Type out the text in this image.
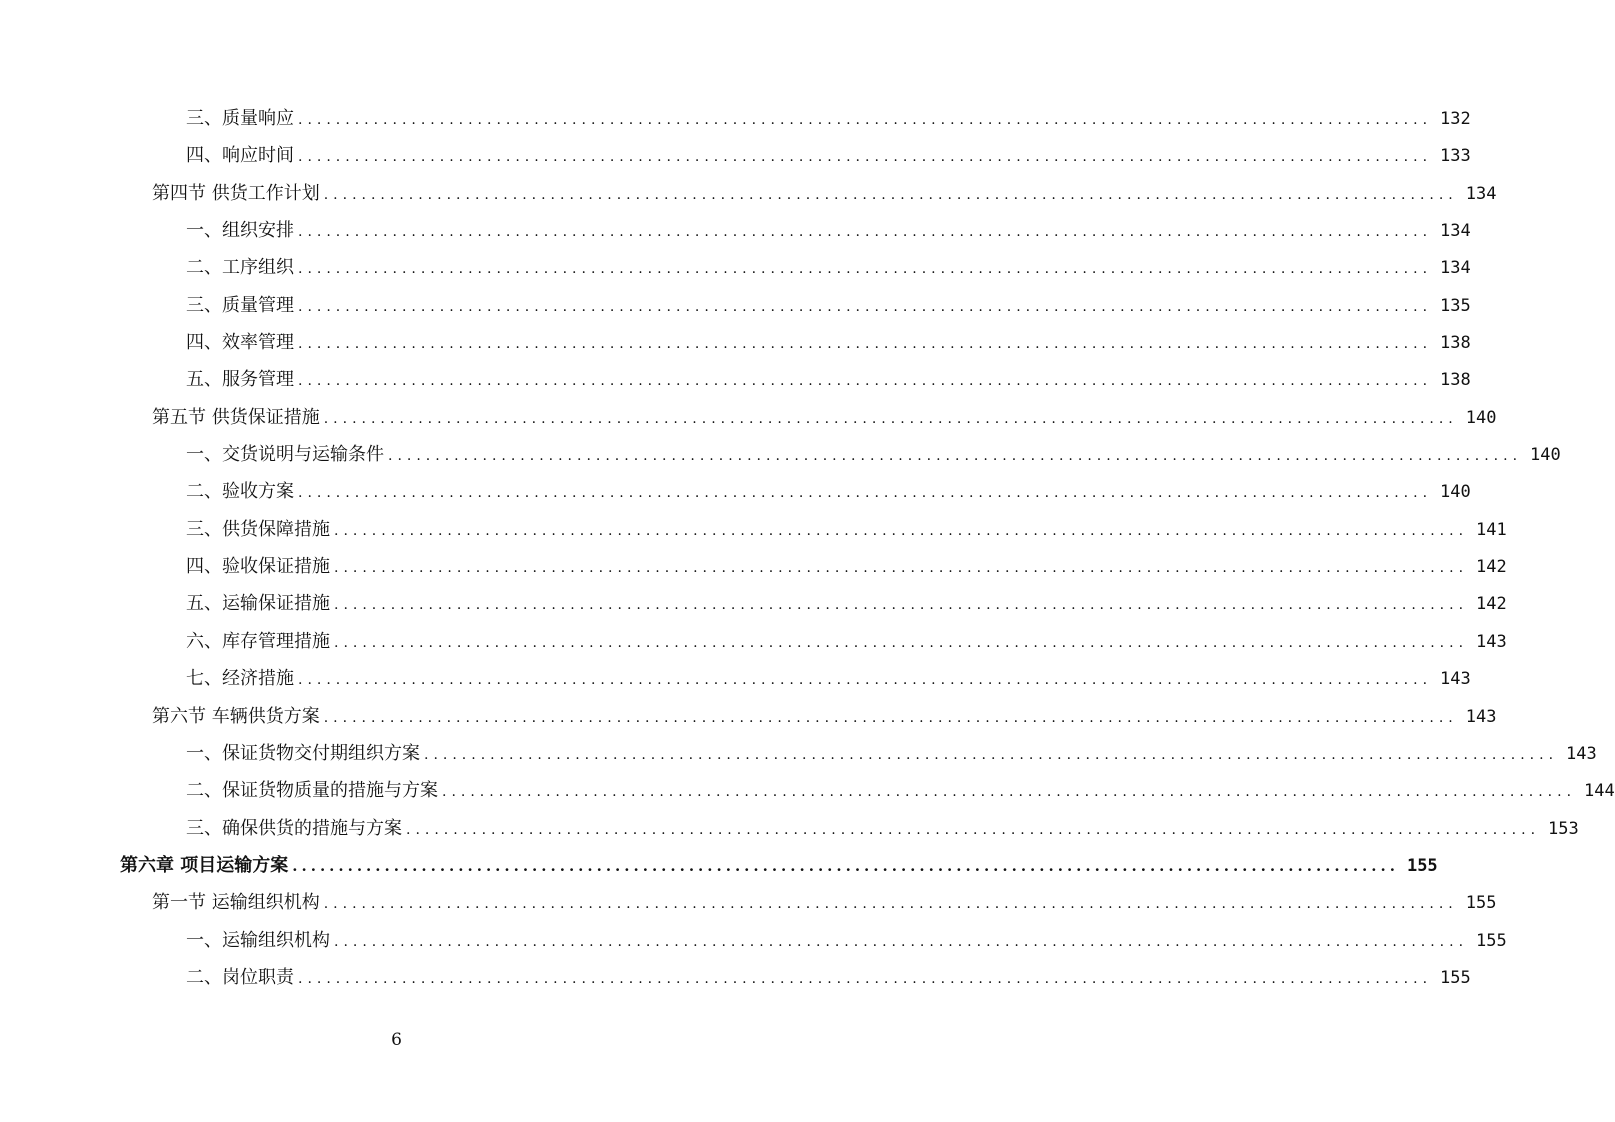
三、质量响应 ........................................................................................................................ 132
四、响应时间 ........................................................................................................................ 133
第四节 供货工作计划 ........................................................................................................................ 134
一、组织安排 ........................................................................................................................ 134
二、工序组织 ........................................................................................................................ 134
三、质量管理 ........................................................................................................................ 135
四、效率管理 ........................................................................................................................ 138
五、服务管理 ........................................................................................................................ 138
第五节 供货保证措施 ........................................................................................................................ 140
一、交货说明与运输条件 ........................................................................................................................ 140
二、验收方案 ........................................................................................................................ 140
三、供货保障措施 ........................................................................................................................ 141
四、验收保证措施 ........................................................................................................................ 142
五、运输保证措施 ........................................................................................................................ 142
六、库存管理措施 ........................................................................................................................ 143
七、经济措施 ........................................................................................................................ 143
第六节 车辆供货方案 ........................................................................................................................ 143
一、保证货物交付期组织方案 ........................................................................................................................ 143
二、保证货物质量的措施与方案 ........................................................................................................................ 144
三、确保供货的措施与方案 ........................................................................................................................ 153
第六章 项目运输方案 ........................................................................................................................ 155
第一节 运输组织机构 ........................................................................................................................ 155
一、运输组织机构 ........................................................................................................................ 155
二、岗位职责 ........................................................................................................................ 155
6
